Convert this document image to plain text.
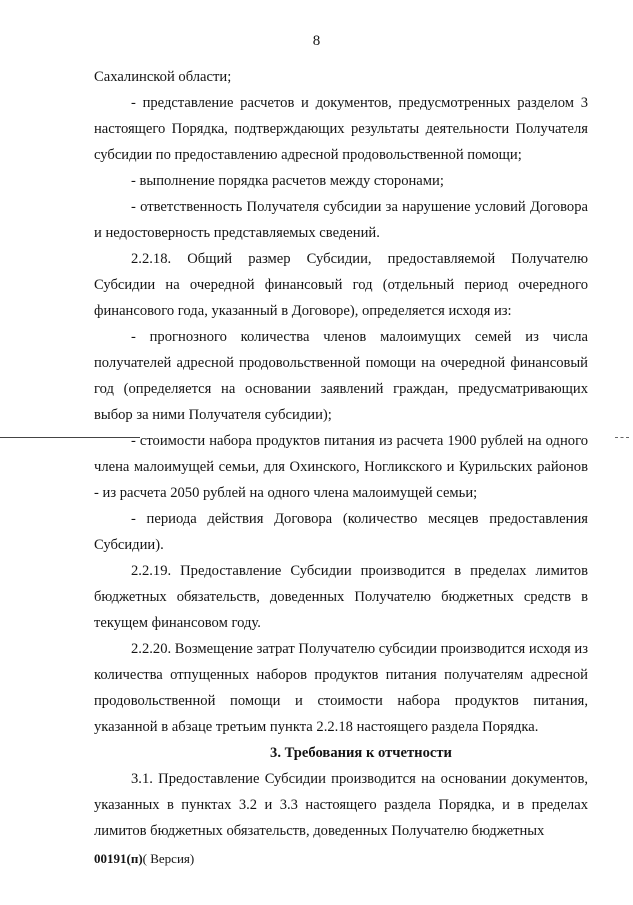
8

Сахалинской области;

- представление расчетов и документов, предусмотренных разделом 3 настоящего Порядка, подтверждающих результаты деятельности Получателя субсидии по предоставлению адресной продовольственной помощи;

- выполнение порядка расчетов между сторонами;

- ответственность Получателя субсидии за нарушение условий Договора и недостоверность представляемых сведений.

2.2.18. Общий размер Субсидии, предоставляемой Получателю Субсидии на очередной финансовый год (отдельный период очередного финансового года, указанный в Договоре), определяется исходя из:

- прогнозного количества членов малоимущих семей из числа получателей адресной продовольственной помощи на очередной финансовый год (определяется на основании заявлений граждан, предусматривающих выбор за ними Получателя субсидии);

- стоимости набора продуктов питания из расчета 1900 рублей на одного члена малоимущей семьи, для Охинского, Ногликского и Курильских районов - из расчета 2050 рублей на одного члена малоимущей семьи;

- периода действия Договора (количество месяцев предоставления Субсидии).

2.2.19. Предоставление Субсидии производится в пределах лимитов бюджетных обязательств, доведенных Получателю бюджетных средств в текущем финансовом году.

2.2.20. Возмещение затрат Получателю субсидии производится исходя из количества отпущенных наборов продуктов питания получателям адресной продовольственной помощи и стоимости набора продуктов питания, указанной в абзаце третьим пункта 2.2.18 настоящего раздела Порядка.

3. Требования к отчетности

3.1. Предоставление Субсидии производится на основании документов, указанных в пунктах 3.2 и 3.3 настоящего раздела Порядка, и в пределах лимитов бюджетных обязательств, доведенных Получателю бюджетных

00191(п)( Версия)
